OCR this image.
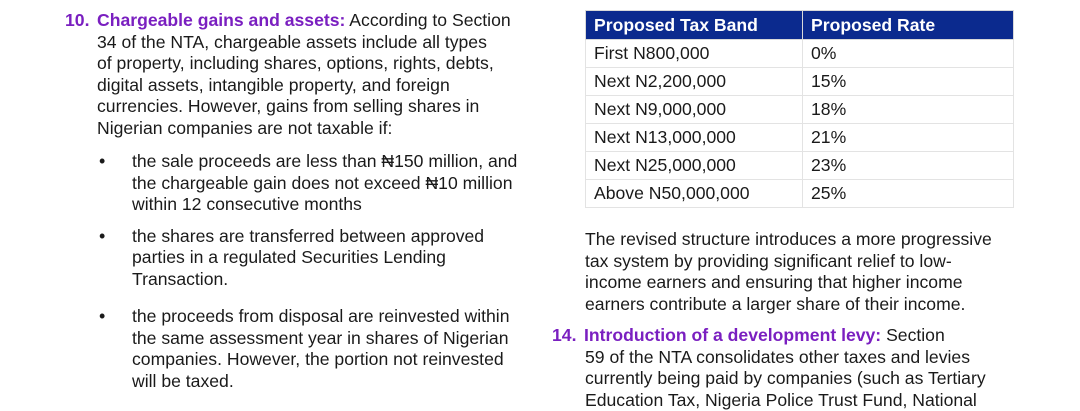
10. Chargeable gains and assets: According to Section
34 of the NTA, chargeable assets include all types
of property, including shares, options, rights, debts,
digital assets, intangible property, and foreign
currencies. However, gains from selling shares in
Nigerian companies are not taxable if:
• the sale proceeds are less than ₦150 million, and
the chargeable gain does not exceed ₦10 million
within 12 consecutive months
• the shares are transferred between approved
parties in a regulated Securities Lending
Transaction.
• the proceeds from disposal are reinvested within
the same assessment year in shares of Nigerian
companies. However, the portion not reinvested
will be taxed.
Proposed Tax Band	Proposed Rate
First N800,000	0%
Next N2,200,000	15%
Next N9,000,000	18%
Next N13,000,000	21%
Next N25,000,000	23%
Above N50,000,000	25%
The revised structure introduces a more progressive
tax system by providing significant relief to low-
income earners and ensuring that higher income
earners contribute a larger share of their income.
14. Introduction of a development levy: Section
59 of the NTA consolidates other taxes and levies
currently being paid by companies (such as Tertiary
Education Tax, Nigeria Police Trust Fund, National
